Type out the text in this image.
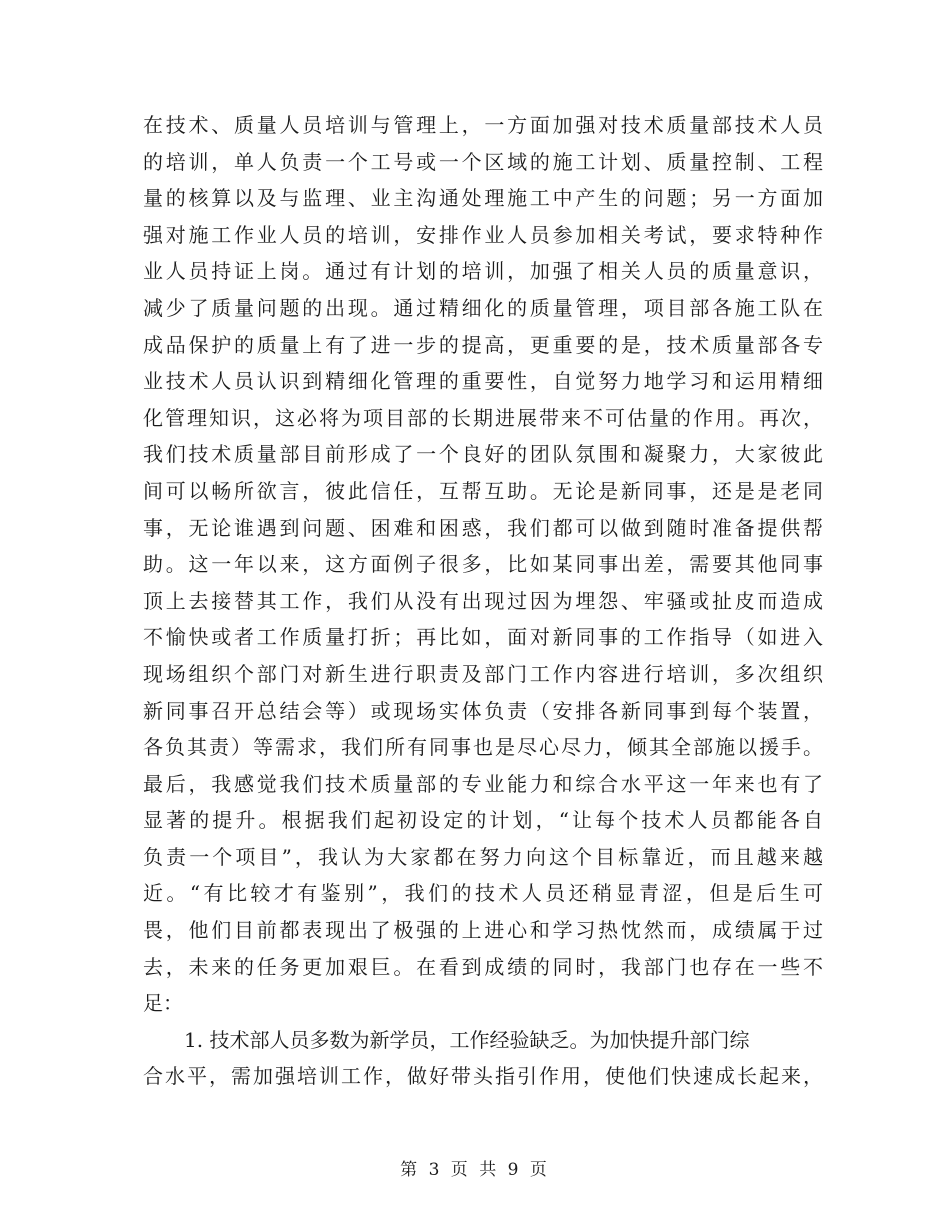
在技术、质量人员培训与管理上，一方面加强对技术质量部技术人员
的培训，单人负责一个工号或一个区域的施工计划、质量控制、工程
量的核算以及与监理、业主沟通处理施工中产生的问题；另一方面加
强对施工作业人员的培训，安排作业人员参加相关考试，要求特种作
业人员持证上岗。通过有计划的培训，加强了相关人员的质量意识，
减少了质量问题的出现。通过精细化的质量管理，项目部各施工队在
成品保护的质量上有了进一步的提高，更重要的是，技术质量部各专
业技术人员认识到精细化管理的重要性，自觉努力地学习和运用精细
化管理知识，这必将为项目部的长期进展带来不可估量的作用。再次，
我们技术质量部目前形成了一个良好的团队氛围和凝聚力，大家彼此
间可以畅所欲言，彼此信任，互帮互助。无论是新同事，还是是老同
事，无论谁遇到问题、困难和困惑，我们都可以做到随时准备提供帮
助。这一年以来，这方面例子很多，比如某同事出差，需要其他同事
顶上去接替其工作，我们从没有出现过因为埋怨、牢骚或扯皮而造成
不愉快或者工作质量打折；再比如，面对新同事的工作指导（如进入
现场组织个部门对新生进行职责及部门工作内容进行培训，多次组织
新同事召开总结会等）或现场实体负责（安排各新同事到每个装置，
各负其责）等需求，我们所有同事也是尽心尽力，倾其全部施以援手。
最后，我感觉我们技术质量部的专业能力和综合水平这一年来也有了
显著的提升。根据我们起初设定的计划，“让每个技术人员都能各自
负责一个项目”，我认为大家都在努力向这个目标靠近，而且越来越
近。“有比较才有鉴别”，我们的技术人员还稍显青涩，但是后生可
畏，他们目前都表现出了极强的上进心和学习热忱然而，成绩属于过
去，未来的任务更加艰巨。在看到成绩的同时，我部门也存在一些不
足：
1. 技术部人员多数为新学员，工作经验缺乏。为加快提升部门综
合水平，需加强培训工作，做好带头指引作用，使他们快速成长起来，
第 3 页 共 9 页
